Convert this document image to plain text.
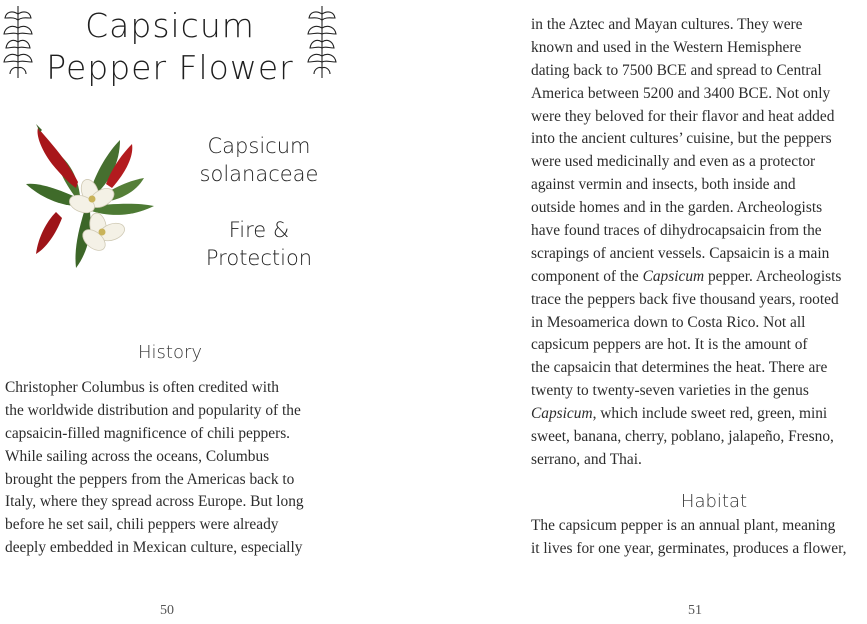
Capsicum
Pepper Flower
Capsicum
solanaceae
Fire &
Protection
History
Christopher Columbus is often credited with
the worldwide distribution and popularity of the
capsaicin-filled magnificence of chili peppers.
While sailing across the oceans, Columbus
brought the peppers from the Americas back to
Italy, where they spread across Europe. But long
before he set sail, chili peppers were already
deeply embedded in Mexican culture, especially
50
in the Aztec and Mayan cultures. They were
known and used in the Western Hemisphere
dating back to 7500 BCE and spread to Central
America between 5200 and 3400 BCE. Not only
were they beloved for their flavor and heat added
into the ancient cultures’ cuisine, but the peppers
were used medicinally and even as a protector
against vermin and insects, both inside and
outside homes and in the garden. Archeologists
have found traces of dihydrocapsaicin from the
scrapings of ancient vessels. Capsaicin is a main
component of the Capsicum pepper. Archeologists
trace the peppers back five thousand years, rooted
in Mesoamerica down to Costa Rico. Not all
capsicum peppers are hot. It is the amount of
the capsaicin that determines the heat. There are
twenty to twenty-seven varieties in the genus
Capsicum, which include sweet red, green, mini
sweet, banana, cherry, poblano, jalapeño, Fresno,
serrano, and Thai.
Habitat
The capsicum pepper is an annual plant, meaning
it lives for one year, germinates, produces a flower,
51
